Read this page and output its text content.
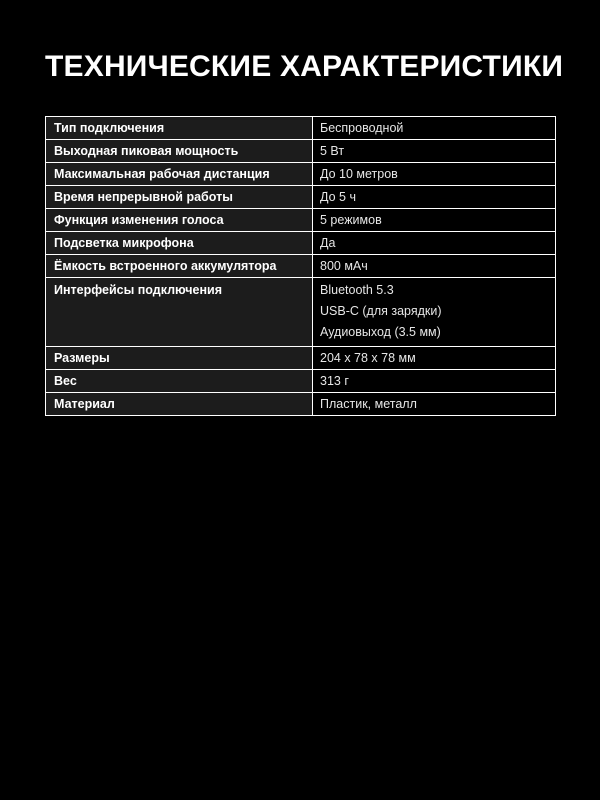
ТЕХНИЧЕСКИЕ ХАРАКТЕРИСТИКИ
Тип подключения	Беспроводной
Выходная пиковая мощность	5 Вт
Максимальная рабочая дистанция	До 10 метров
Время непрерывной работы	До 5 ч
Функция изменения голоса	5 режимов
Подсветка микрофона	Да
Ёмкость встроенного аккумулятора	800 мАч
Интерфейсы подключения	Bluetooth 5.3
USB-C (для зарядки)
Аудиовыход (3.5 мм)
Размеры	204 x 78 x 78 мм
Вес	313 г
Материал	Пластик, металл
